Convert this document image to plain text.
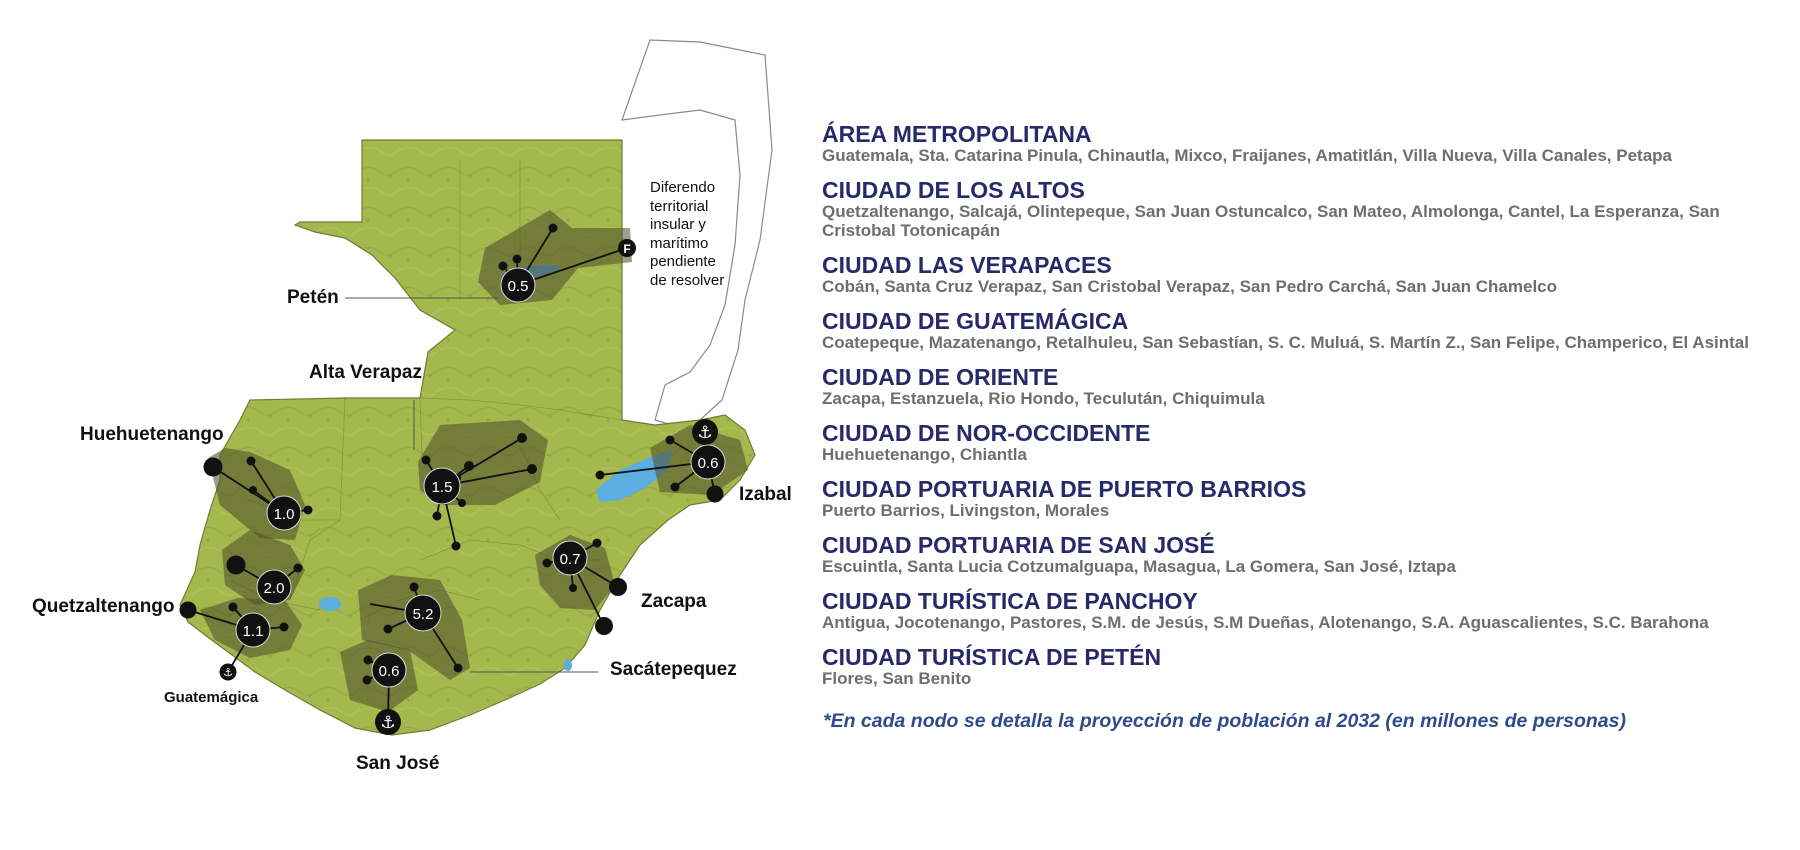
F
⚓
⚓
⚓
0.5
1.5
0.6
1.0
2.0
1.1
5.2
0.7
0.6
Petén
Alta Verapaz
Huehuetenango
Izabal
Quetzaltenango	Zacapa
Sacátepequez
Guatemágica
San José
Diferendo
territorial
insular y
marítimo
pendiente
de resolver
ÁREA METROPOLITANA
Guatemala, Sta. Catarina Pinula, Chinautla, Mixco, Fraijanes, Amatitlán, Villa Nueva, Villa Canales, Petapa
CIUDAD DE LOS ALTOS
Quetzaltenango, Salcajá, Olintepeque, San Juan Ostuncalco, San Mateo, Almolonga, Cantel, La Esperanza, San Cristobal Totonicapán
CIUDAD LAS VERAPACES
Cobán, Santa Cruz Verapaz, San Cristobal Verapaz, San Pedro Carchá, San Juan Chamelco
CIUDAD DE GUATEMÁGICA
Coatepeque, Mazatenango, Retalhuleu, San Sebastían, S. C. Muluá, S. Martín Z., San Felipe, Champerico, El Asintal
CIUDAD DE ORIENTE
Zacapa, Estanzuela, Rio Hondo, Teculután, Chiquimula
CIUDAD DE NOR-OCCIDENTE
Huehuetenango, Chiantla
CIUDAD PORTUARIA DE PUERTO BARRIOS
Puerto Barrios, Livingston, Morales
CIUDAD PORTUARIA DE SAN JOSÉ
Escuintla, Santa Lucia Cotzumalguapa, Masagua, La Gomera, San José, Iztapa
CIUDAD TURÍSTICA DE PANCHOY
Antigua, Jocotenango, Pastores, S.M. de Jesús, S.M Dueñas, Alotenango, S.A. Aguascalientes, S.C. Barahona
CIUDAD TURÍSTICA DE PETÉN
Flores, San Benito
*En cada nodo se detalla la proyección de población al 2032 (en millones de personas)
